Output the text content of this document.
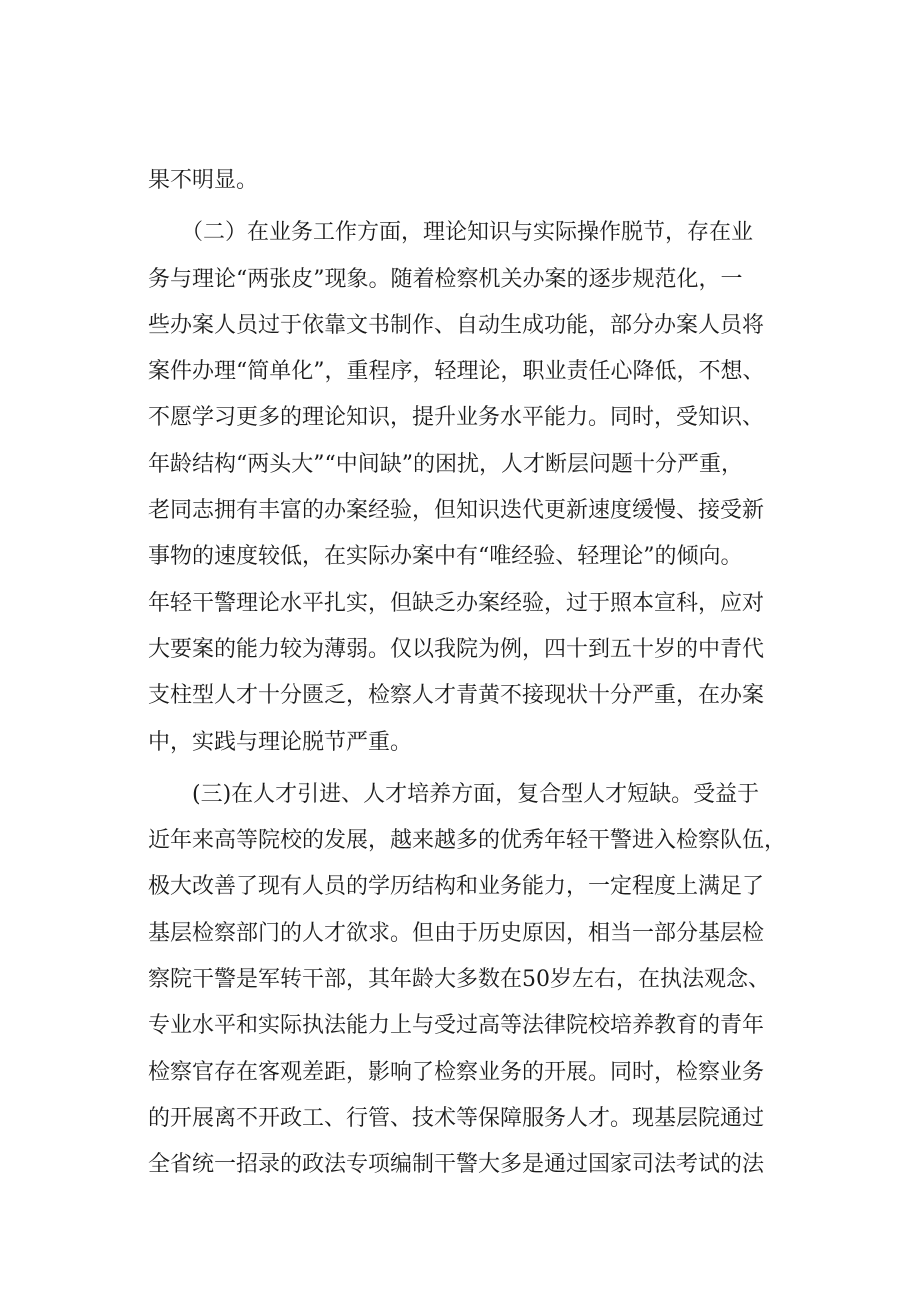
果不明显。
　　（二）在业务工作方面，理论知识与实际操作脱节，存在业
务与理论“两张皮”现象。随着检察机关办案的逐步规范化，一
些办案人员过于依靠文书制作、自动生成功能，部分办案人员将
案件办理“简单化”，重程序，轻理论，职业责任心降低，不想、
不愿学习更多的理论知识，提升业务水平能力。同时，受知识、
年龄结构“两头大”“中间缺”的困扰，人才断层问题十分严重，
老同志拥有丰富的办案经验，但知识迭代更新速度缓慢、接受新
事物的速度较低，在实际办案中有“唯经验、轻理论”的倾向。
年轻干警理论水平扎实，但缺乏办案经验，过于照本宣科，应对
大要案的能力较为薄弱。仅以我院为例，四十到五十岁的中青代
支柱型人才十分匮乏，检察人才青黄不接现状十分严重，在办案
中，实践与理论脱节严重。
　　(三)在人才引进、人才培养方面，复合型人才短缺。受益于
近年来高等院校的发展，越来越多的优秀年轻干警进入检察队伍，
极大改善了现有人员的学历结构和业务能力，一定程度上满足了
基层检察部门的人才欲求。但由于历史原因，相当一部分基层检
察院干警是军转干部，其年龄大多数在50岁左右，在执法观念、
专业水平和实际执法能力上与受过高等法律院校培养教育的青年
检察官存在客观差距，影响了检察业务的开展。同时，检察业务
的开展离不开政工、行管、技术等保障服务人才。现基层院通过
全省统一招录的政法专项编制干警大多是通过国家司法考试的法
